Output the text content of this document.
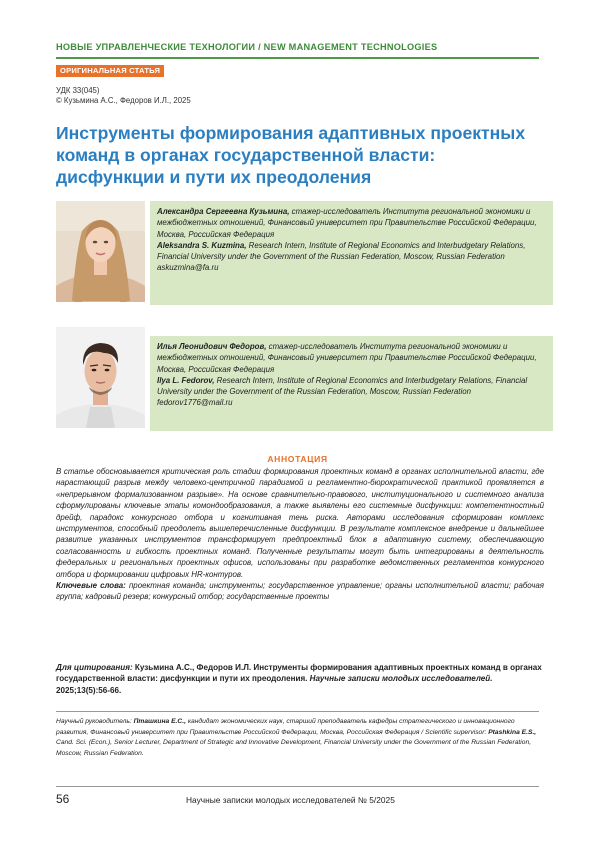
НОВЫЕ УПРАВЛЕНЧЕСКИЕ ТЕХНОЛОГИИ / NEW MANAGEMENT TECHNOLOGIES
ОРИГИНАЛЬНАЯ СТАТЬЯ
УДК 33(045)
© Кузьмина А.С., Федоров И.Л., 2025
Инструменты формирования адаптивных проектных команд в органах государственной власти: дисфункции и пути их преодоления
Александра Сергеевна Кузьмина, стажер-исследователь Института региональной экономики и межбюджетных отношений, Финансовый университет при Правительстве Российской Федерации, Москва, Российская Федерация
Aleksandra S. Kuzmina, Research Intern, Institute of Regional Economics and Interbudgetary Relations, Financial University under the Government of the Russian Federation, Moscow, Russian Federation
askuzmina@fa.ru
Илья Леонидович Федоров, стажер-исследователь Института региональной экономики и межбюджетных отношений, Финансовый университет при Правительстве Российской Федерации, Москва, Российская Федерация
Ilya L. Fedorov, Research Intern, Institute of Regional Economics and Interbudgetary Relations, Financial University under the Government of the Russian Federation, Moscow, Russian Federation
fedorov1776@mail.ru
АННОТАЦИЯ

В статье обосновывается критическая роль стадии формирования проектных команд в органах исполнительной власти, где нарастающий разрыв между человеко-центричной парадигмой и регламентно-бюрократической практикой проявляется в «непрерывном формализованном разрыве». На основе сравнительно-правового, институционального и системного анализа сформулированы ключевые этапы комондообразования, а также выявлены его системные дисфункции: компетентностный дрейф, парадокс конкурсного отбора и когнитивная тень риска. Авторами исследования сформирован комплекс инструментов, способный преодолеть вышеперечисленные дисфункции. В результате комплексное внедрение и дальнейшее развитие указанных инструментов трансформирует предпроектный блок в адаптивную систему, обеспечивающую согласованность и гибкость проектных команд. Полученные результаты могут быть интегрированы в деятельность федеральных и региональных проектных офисов, использованы при разработке ведомственных регламентов конкурсного отбора и формировании цифровых HR-контуров.
Ключевые слова: проектная команда; инструменты; государственное управление; органы исполнительной власти; рабочая группа; кадровый резерв; конкурсный отбор; государственные проекты

Для цитирования: Кузьмина А.С., Федоров И.Л. Инструменты формирования адаптивных проектных команд в органах государственной власти: дисфункции и пути их преодоления. Научные записки молодых исследователей. 2025;13(5):56-66.
Научный руководитель: Пташкина Е.С., кандидат экономических наук, старший преподаватель кафедры стратегического и инновационного развития, Финансовый университет при Правительстве Российской Федерации, Москва, Российская Федерация / Scientific supervisor: Ptashkina E.S., Cand. Sci. (Econ.), Senior Lecturer, Department of Strategic and Innovative Development, Financial University under the Government of the Russian Federation, Moscow, Russian Federation.
56	Научные записки молодых исследователей № 5/2025
